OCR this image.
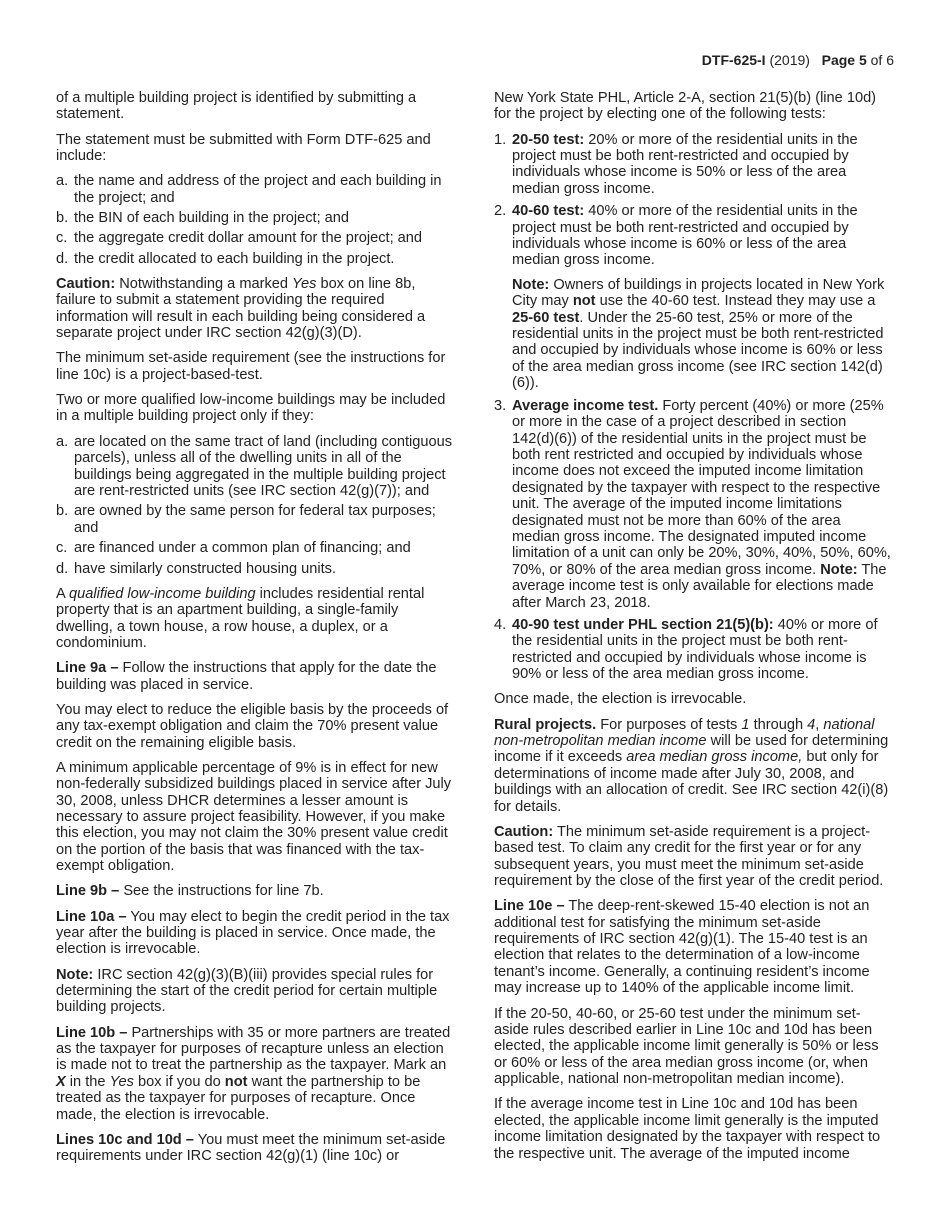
DTF-625-I (2019) Page 5 of 6

of a multiple building project is identified by submitting a statement.

The statement must be submitted with Form DTF-625 and include:

a. the name and address of the project and each building in the project; and
b. the BIN of each building in the project; and
c. the aggregate credit dollar amount for the project; and
d. the credit allocated to each building in the project.

Caution: Notwithstanding a marked Yes box on line 8b, failure to submit a statement providing the required information will result in each building being considered a separate project under IRC section 42(g)(3)(D).

The minimum set-aside requirement (see the instructions for line 10c) is a project-based-test.

Two or more qualified low-income buildings may be included in a multiple building project only if they:

a. are located on the same tract of land (including contiguous parcels), unless all of the dwelling units in all of the buildings being aggregated in the multiple building project are rent-restricted units (see IRC section 42(g)(7)); and
b. are owned by the same person for federal tax purposes; and
c. are financed under a common plan of financing; and
d. have similarly constructed housing units.

A qualified low-income building includes residential rental property that is an apartment building, a single-family dwelling, a town house, a row house, a duplex, or a condominium.

Line 9a – Follow the instructions that apply for the date the building was placed in service.

You may elect to reduce the eligible basis by the proceeds of any tax-exempt obligation and claim the 70% present value credit on the remaining eligible basis.

A minimum applicable percentage of 9% is in effect for new non-federally subsidized buildings placed in service after July 30, 2008, unless DHCR determines a lesser amount is necessary to assure project feasibility. However, if you make this election, you may not claim the 30% present value credit on the portion of the basis that was financed with the tax-exempt obligation.

Line 9b – See the instructions for line 7b.

Line 10a – You may elect to begin the credit period in the tax year after the building is placed in service. Once made, the election is irrevocable.

Note: IRC section 42(g)(3)(B)(iii) provides special rules for determining the start of the credit period for certain multiple building projects.

Line 10b – Partnerships with 35 or more partners are treated as the taxpayer for purposes of recapture unless an election is made not to treat the partnership as the taxpayer. Mark an X in the Yes box if you do not want the partnership to be treated as the taxpayer for purposes of recapture. Once made, the election is irrevocable.

Lines 10c and 10d – You must meet the minimum set-aside requirements under IRC section 42(g)(1) (line 10c) or

New York State PHL, Article 2-A, section 21(5)(b) (line 10d) for the project by electing one of the following tests:

1. 20-50 test: 20% or more of the residential units in the project must be both rent-restricted and occupied by individuals whose income is 50% or less of the area median gross income.
2. 40-60 test: 40% or more of the residential units in the project must be both rent-restricted and occupied by individuals whose income is 60% or less of the area median gross income.
Note: Owners of buildings in projects located in New York City may not use the 40-60 test. Instead they may use a 25-60 test. Under the 25-60 test, 25% or more of the residential units in the project must be both rent-restricted and occupied by individuals whose income is 60% or less of the area median gross income (see IRC section 142(d)(6)).
3. Average income test. Forty percent (40%) or more (25% or more in the case of a project described in section 142(d)(6)) of the residential units in the project must be both rent restricted and occupied by individuals whose income does not exceed the imputed income limitation designated by the taxpayer with respect to the respective unit. The average of the imputed income limitations designated must not be more than 60% of the area median gross income. The designated imputed income limitation of a unit can only be 20%, 30%, 40%, 50%, 60%, 70%, or 80% of the area median gross income. Note: The average income test is only available for elections made after March 23, 2018.
4. 40-90 test under PHL section 21(5)(b): 40% or more of the residential units in the project must be both rent-restricted and occupied by individuals whose income is 90% or less of the area median gross income.

Once made, the election is irrevocable.

Rural projects. For purposes of tests 1 through 4, national non-metropolitan median income will be used for determining income if it exceeds area median gross income, but only for determinations of income made after July 30, 2008, and buildings with an allocation of credit. See IRC section 42(i)(8) for details.

Caution: The minimum set-aside requirement is a project-based test. To claim any credit for the first year or for any subsequent years, you must meet the minimum set-aside requirement by the close of the first year of the credit period.

Line 10e – The deep-rent-skewed 15-40 election is not an additional test for satisfying the minimum set-aside requirements of IRC section 42(g)(1). The 15-40 test is an election that relates to the determination of a low-income tenant’s income. Generally, a continuing resident’s income may increase up to 140% of the applicable income limit.

If the 20-50, 40-60, or 25-60 test under the minimum set-aside rules described earlier in Line 10c and 10d has been elected, the applicable income limit generally is 50% or less or 60% or less of the area median gross income (or, when applicable, national non-metropolitan median income).

If the average income test in Line 10c and 10d has been elected, the applicable income limit generally is the imputed income limitation designated by the taxpayer with respect to the respective unit. The average of the imputed income
